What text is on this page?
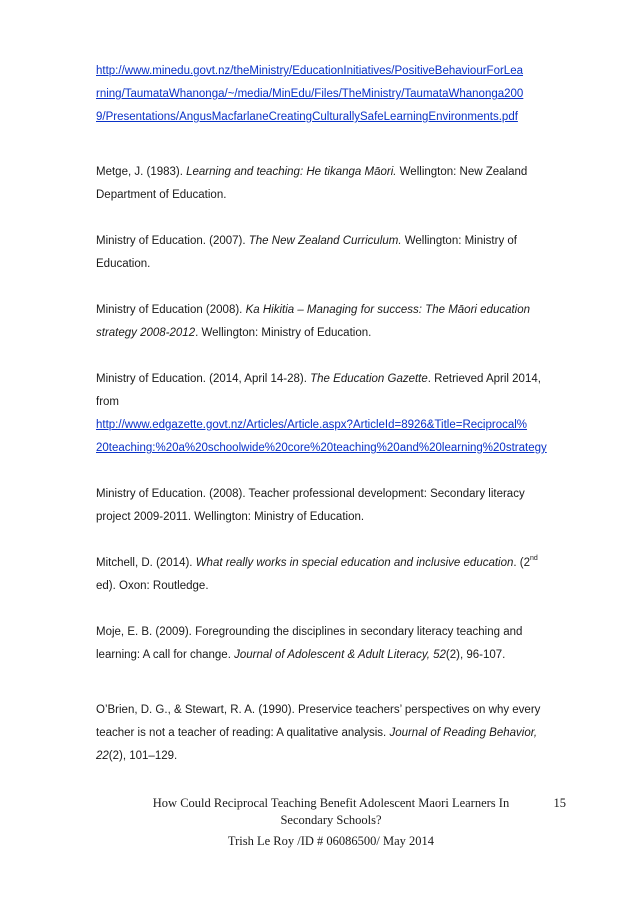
http://www.minedu.govt.nz/theMinistry/EducationInitiatives/PositiveBehaviourForLea
rning/TaumataWhanonga/~/media/MinEdu/Files/TheMinistry/TaumataWhanonga200
9/Presentations/AngusMacfarlaneCreatingCulturallySafeLearningEnvironments.pdf
Metge, J. (1983). Learning and teaching: He tikanga Māori. Wellington: New Zealand
Department of Education.
Ministry of Education. (2007). The New Zealand Curriculum. Wellington: Ministry of
Education.
Ministry of Education (2008). Ka Hikitia – Managing for success: The Māori education
strategy 2008-2012. Wellington: Ministry of Education.
Ministry of Education. (2014, April 14-28). The Education Gazette. Retrieved April 2014,
from
http://www.edgazette.govt.nz/Articles/Article.aspx?ArticleId=8926&Title=Reciprocal%
20teaching:%20a%20schoolwide%20core%20teaching%20and%20learning%20strategy
Ministry of Education. (2008). Teacher professional development: Secondary literacy
project 2009-2011. Wellington: Ministry of Education.
Mitchell, D. (2014). What really works in special education and inclusive education. (2nd
ed). Oxon: Routledge.
Moje, E. B. (2009). Foregrounding the disciplines in secondary literacy teaching and
learning: A call for change. Journal of Adolescent & Adult Literacy, 52(2), 96-107.
O’Brien, D. G., & Stewart, R. A. (1990). Preservice teachers’ perspectives on why every
teacher is not a teacher of reading: A qualitative analysis. Journal of Reading Behavior,
22(2), 101–129.
How Could Reciprocal Teaching Benefit Adolescent Maori Learners In	15
Secondary Schools?
Trish Le Roy /ID # 06086500/ May 2014
